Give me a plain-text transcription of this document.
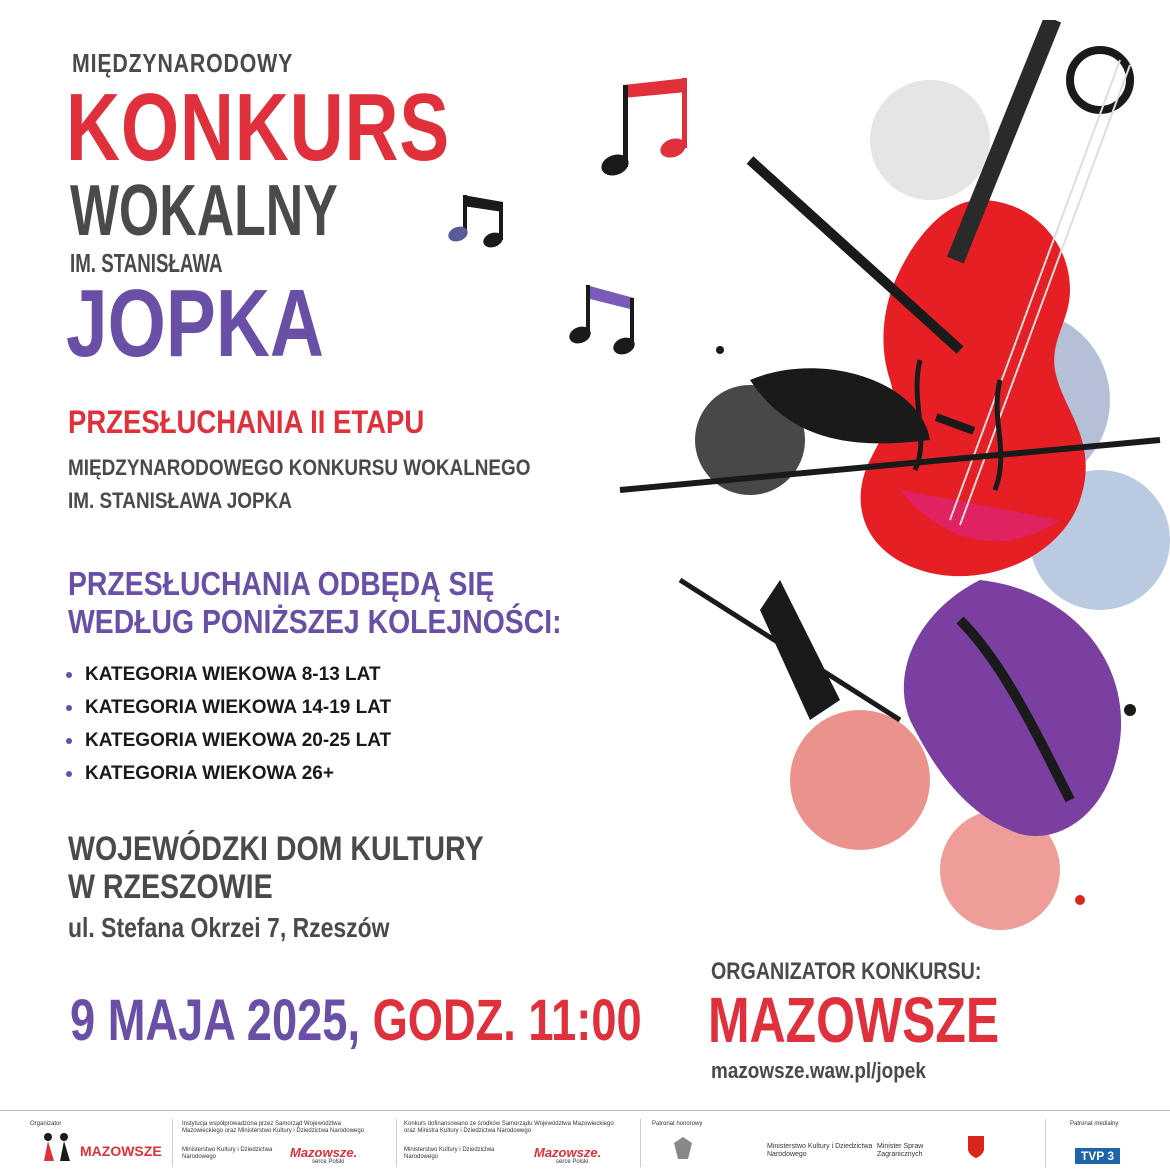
MIĘDZYNARODOWY
KONKURS
WOKALNY
IM. STANISŁAWA
JOPKA
PRZESŁUCHANIA II ETAPU
MIĘDZYNARODOWEGO KONKURSU WOKALNEGO
IM. STANISŁAWA JOPKA
PRZESŁUCHANIA ODBĘDĄ SIĘ
WEDŁUG PONIŻSZEJ KOLEJNOŚCI:
KATEGORIA WIEKOWA 8-13 LAT
KATEGORIA WIEKOWA 14-19 LAT
KATEGORIA WIEKOWA 20-25 LAT
KATEGORIA WIEKOWA 26+
WOJEWÓDZKI DOM KULTURY
W RZESZOWIE
ul. Stefana Okrzei 7, Rzeszów
9 MAJA 2025, GODZ. 11:00
ORGANIZATOR KONKURSU:
MAZOWSZE
mazowsze.waw.pl/jopek
Organizator
MAZOWSZE
Instytucja współprowadzona przez Samorząd Województwa Mazowieckiego oraz Ministerstwo Kultury i Dziedzictwa Narodowego
Ministerstwo Kultury i Dziedzictwa Narodowego	Mazowsze.
serce Polski
Konkurs dofinansowano ze środków Samorządu Województwa Mazowieckiego oraz Ministra Kultury i Dziedzictwa Narodowego
Ministerstwo Kultury i Dziedzictwa Narodowego	Mazowsze.
serce Polski
Patronat honorowy
Ministerstwo Kultury i Dziedzictwa Narodowego
Minister Spraw Zagranicznych
Patronat medialny
TVP 3
